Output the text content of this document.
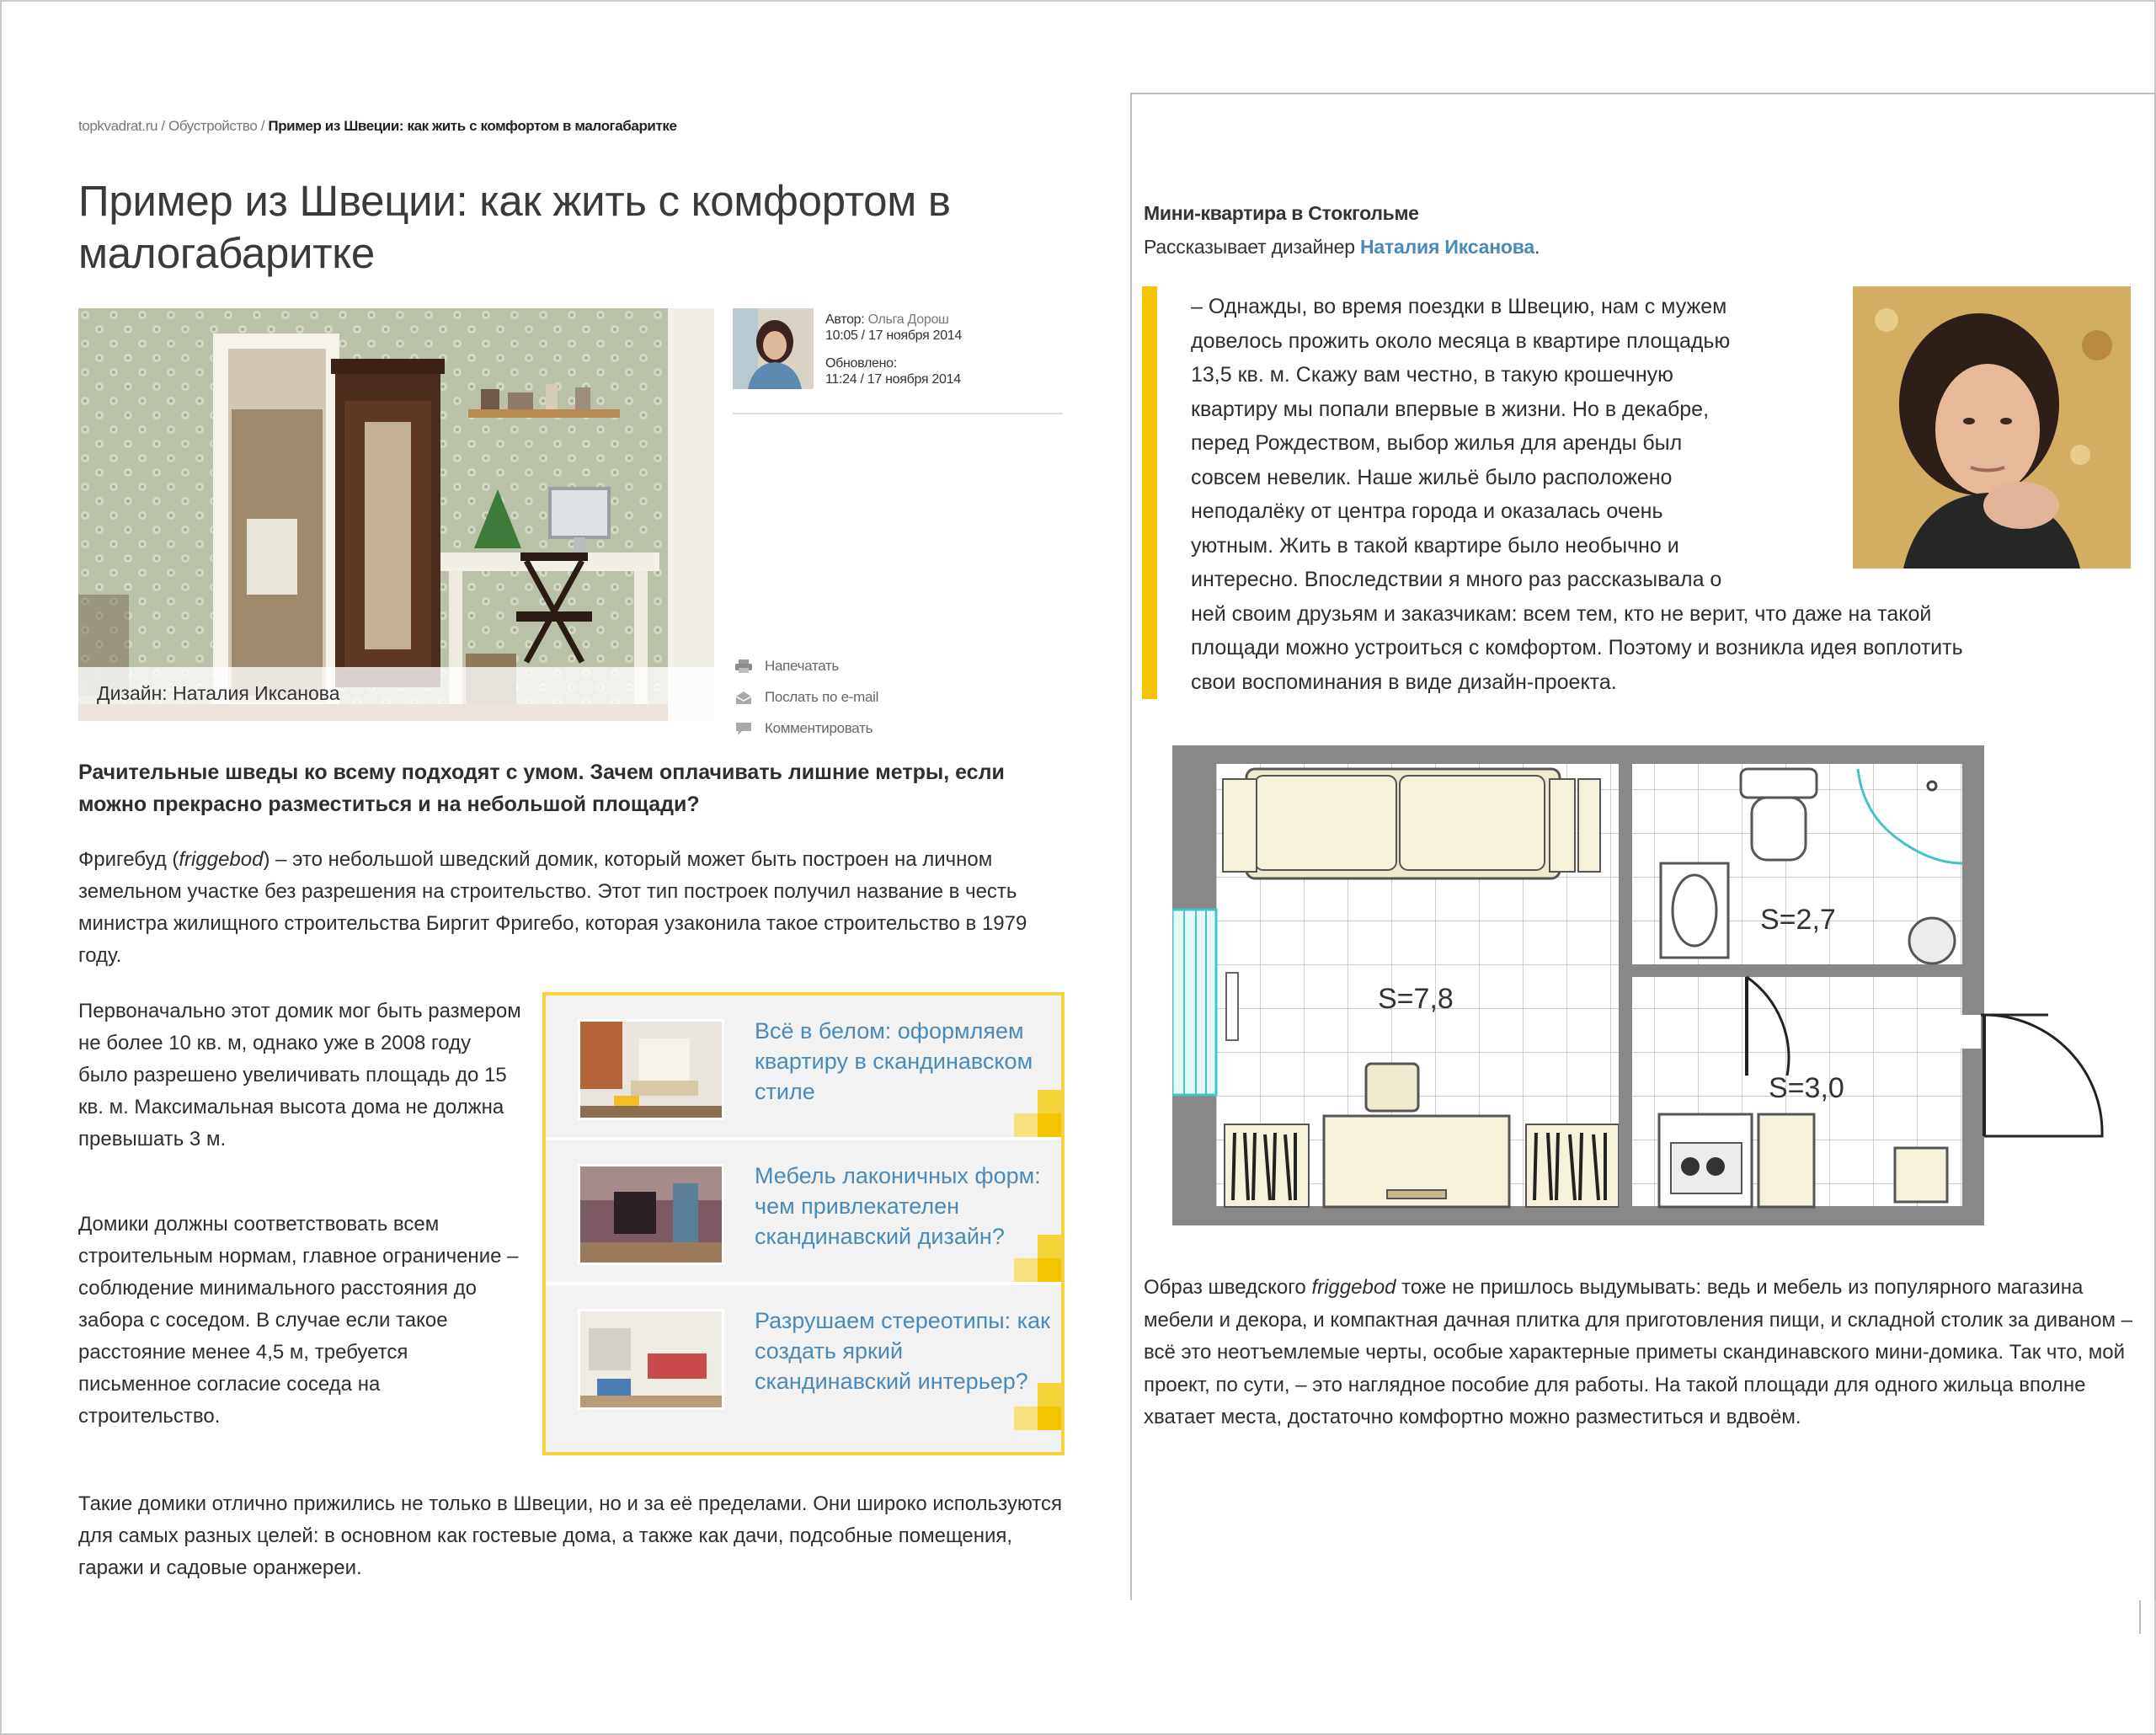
topkvadrat.ru / Обустройство / Пример из Швеции: как жить с комфортом в малогабаритке
Пример из Швеции: как жить с комфортом в малогабаритке
Дизайн: Наталия Иксанова
Автор: Ольга Дорош
10:05 / 17 ноября 2014
Обновлено:
11:24 / 17 ноября 2014
Напечатать
Послать по e-mail
Комментировать

Рачительные шведы ко всему подходят с умом. Зачем оплачивать лишние метры, если можно прекрасно разместиться и на небольшой площади?

Фригебуд (friggebod) – это небольшой шведский домик, который может быть построен на личном земельном участке без разрешения на строительство. Этот тип построек получил название в честь министра жилищного строительства Биргит Фригебо, которая узаконила такое строительство в 1979 году.

Первоначально этот домик мог быть размером не более 10 кв. м, однако уже в 2008 году было разрешено увеличивать площадь до 15 кв. м. Максимальная высота дома не должна превышать 3 м.

Домики должны соответствовать всем строительным нормам, главное ограничение – соблюдение минимального расстояния до забора с соседом. В случае если такое расстояние менее 4,5 м, требуется письменное согласие соседа на строительство.

Всё в белом: оформляем квартиру в скандинавском стиле
Мебель лаконичных форм: чем привлекателен скандинавский дизайн?
Разрушаем стереотипы: как создать яркий скандинавский интерьер?

Такие домики отлично прижились не только в Швеции, но и за её пределами. Они широко используются для самых разных целей: в основном как гостевые дома, а также как дачи, подсобные помещения, гаражи и садовые оранжереи.

Мини-квартира в Стокгольме
Рассказывает дизайнер Наталия Иксанова.
– Однажды, во время поездки в Швецию, нам с мужем
довелось прожить около месяца в квартире площадью
13,5 кв. м. Скажу вам честно, в такую крошечную
квартиру мы попали впервые в жизни. Но в декабре,
перед Рождеством, выбор жилья для аренды был
совсем невелик. Наше жильё было расположено
неподалёку от центра города и оказалась очень
уютным. Жить в такой квартире было необычно и
интересно. Впоследствии я много раз рассказывала о
ней своим друзьям и заказчикам: всем тем, кто не верит, что даже на такой
площади можно устроиться с комфортом. Поэтому и возникла идея воплотить
свои воспоминания в виде дизайн-проекта.
S=7,8
S=2,7
S=3,0

Образ шведского friggebod тоже не пришлось выдумывать: ведь и мебель из популярного магазина мебели и декора, и компактная дачная плитка для приготовления пищи, и складной столик за диваном – всё это неотъемлемые черты, особые характерные приметы скандинавского мини-домика. Так что, мой проект, по сути, – это наглядное пособие для работы. На такой площади для одного жильца вполне хватает места, достаточно комфортно можно разместиться и вдвоём.
